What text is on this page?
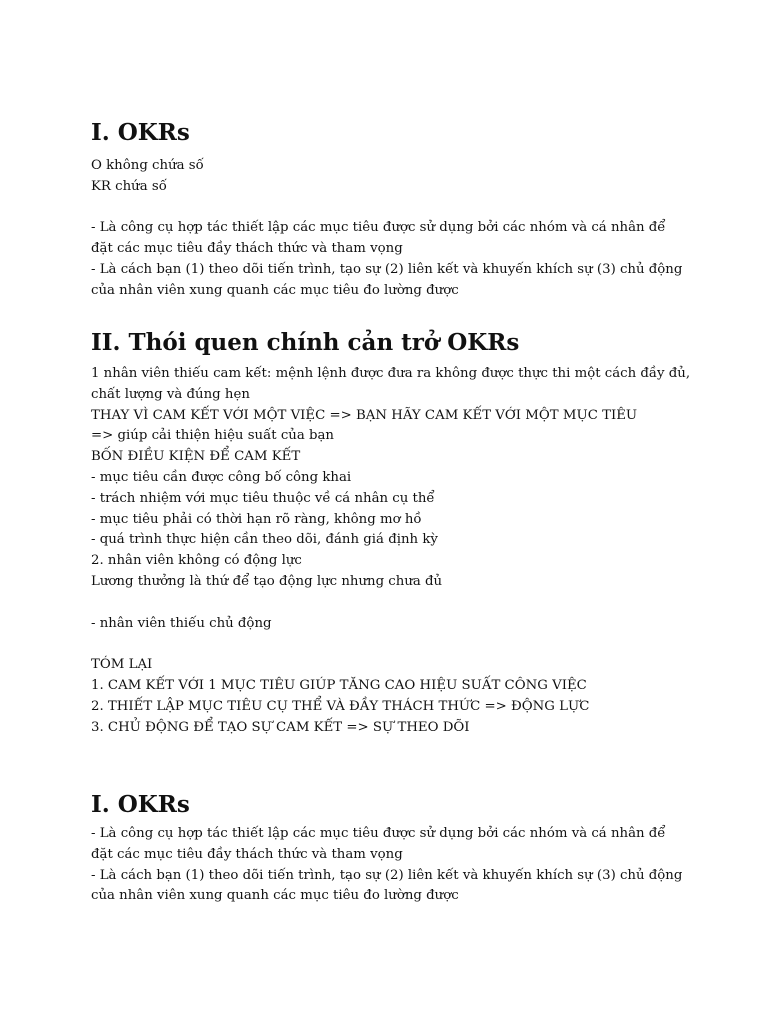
I. OKRs
O không chứa số
KR chứa số
- Là công cụ hợp tác thiết lập các mục tiêu được sử dụng bởi các nhóm và cá nhân để đặt các mục tiêu đầy thách thức và tham vọng
- Là cách bạn (1) theo dõi tiến trình, tạo sự (2) liên kết và khuyến khích sự (3) chủ động của nhân viên xung quanh các mục tiêu đo lường được
II. Thói quen chính cản trở OKRs
1 nhân viên thiếu cam kết: mệnh lệnh được đưa ra không được thực thi một cách đầy đủ, chất lượng và đúng hẹn
THAY VÌ CAM KẾT VỚI MỘT VIỆC => BẠN HÃY CAM KẾT VỚI MỘT MỤC TIÊU
=> giúp cải thiện hiệu suất của bạn
BỐN ĐIỀU KIỆN ĐỂ CAM KẾT
- mục tiêu cần được công bố công khai
- trách nhiệm với mục tiêu thuộc về cá nhân cụ thể
- mục tiêu phải có thời hạn rõ ràng, không mơ hồ
- quá trình thực hiện cần theo dõi, đánh giá định kỳ
2. nhân viên không có động lực
Lương thưởng là thứ để tạo động lực nhưng chưa đủ
- nhân viên thiếu chủ động
TÓM LẠI
1. CAM KẾT VỚI 1 MỤC TIÊU GIÚP TĂNG CAO HIỆU SUẤT CÔNG VIỆC
2. THIẾT LẬP MỤC TIÊU CỤ THỂ VÀ ĐẦY THÁCH THỨC => ĐỘNG LỰC
3. CHỦ ĐỘNG ĐỂ TẠO SỰ CAM KẾT => SỰ THEO DÕI
I. OKRs
- Là công cụ hợp tác thiết lập các mục tiêu được sử dụng bởi các nhóm và cá nhân để đặt các mục tiêu đầy thách thức và tham vọng
- Là cách bạn (1) theo dõi tiến trình, tạo sự (2) liên kết và khuyến khích sự (3) chủ động của nhân viên xung quanh các mục tiêu đo lường được
